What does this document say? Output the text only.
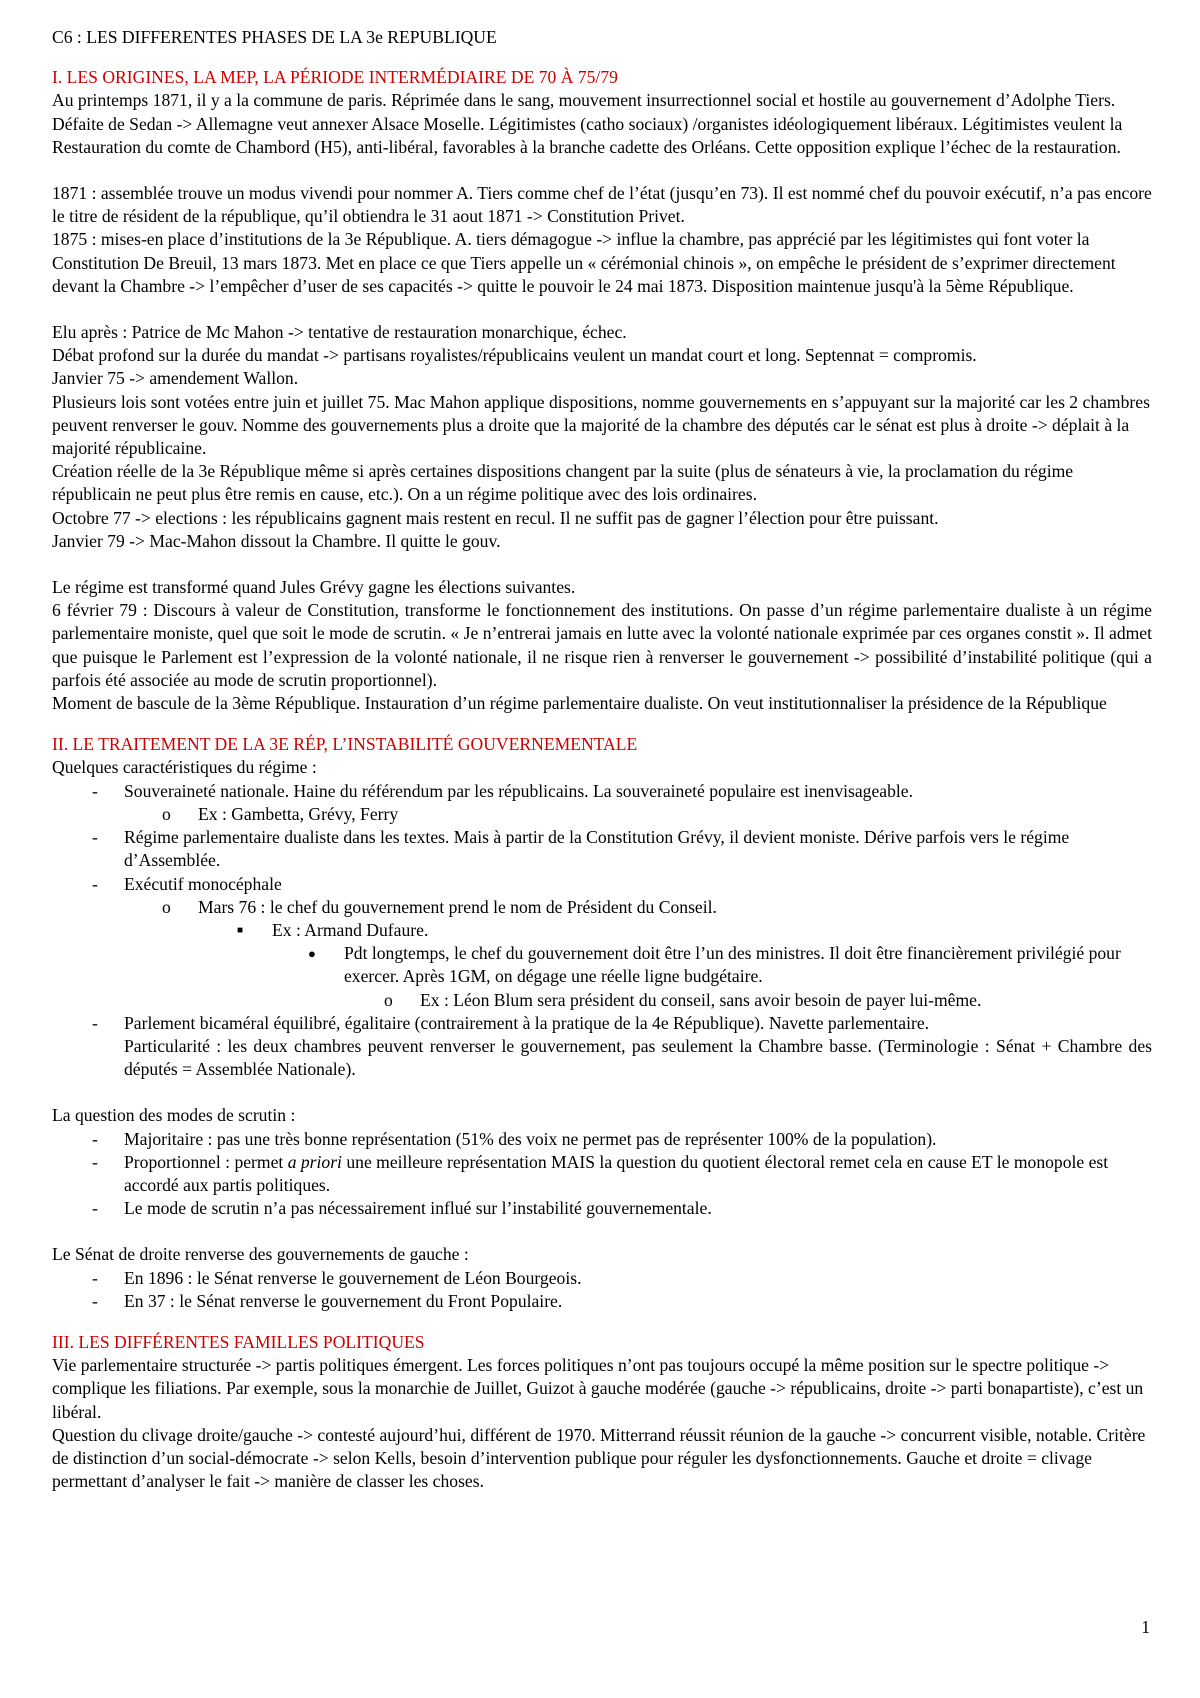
C6 : LES DIFFERENTES PHASES DE LA 3e REPUBLIQUE

I. LES ORIGINES, LA MEP, LA PÉRIODE INTERMÉDIAIRE DE 70 À 75/79

Au printemps 1871, il y a la commune de paris. Réprimée dans le sang, mouvement insurrectionnel social et hostile au gouvernement d’Adolphe Tiers. Défaite de Sedan -> Allemagne veut annexer Alsace Moselle. Légitimistes (catho sociaux) /organistes idéologiquement libéraux. Légitimistes veulent la Restauration du comte de Chambord (H5), anti-libéral, favorables à la branche cadette des Orléans. Cette opposition explique l’échec de la restauration.

1871 : assemblée trouve un modus vivendi pour nommer A. Tiers comme chef de l’état (jusqu’en 73). Il est nommé chef du pouvoir exécutif, n’a pas encore le titre de résident de la république, qu’il obtiendra le 31 aout 1871 -> Constitution Privet.

1875 : mises-en place d’institutions de la 3e République. A. tiers démagogue -> influe la chambre, pas apprécié par les légitimistes qui font voter la Constitution De Breuil, 13 mars 1873. Met en place ce que Tiers appelle un « cérémonial chinois », on empêche le président de s’exprimer directement devant la Chambre -> l’empêcher d’user de ses capacités -> quitte le pouvoir le 24 mai 1873. Disposition maintenue jusqu'à la 5ème République.

Elu après : Patrice de Mc Mahon -> tentative de restauration monarchique, échec.

Débat profond sur la durée du mandat -> partisans royalistes/républicains veulent un mandat court et long. Septennat = compromis.

Janvier 75 -> amendement Wallon.

Plusieurs lois sont votées entre juin et juillet 75. Mac Mahon applique dispositions, nomme gouvernements en s’appuyant sur la majorité car les 2 chambres peuvent renverser le gouv. Nomme des gouvernements plus a droite que la majorité de la chambre des députés car le sénat est plus à droite -> déplait à la majorité républicaine.

Création réelle de la 3e République même si après certaines dispositions changent par la suite (plus de sénateurs à vie, la proclamation du régime républicain ne peut plus être remis en cause, etc.). On a un régime politique avec des lois ordinaires.

Octobre 77 -> elections : les républicains gagnent mais restent en recul. Il ne suffit pas de gagner l’élection pour être puissant.

Janvier 79 -> Mac-Mahon dissout la Chambre. Il quitte le gouv.

Le régime est transformé quand Jules Grévy gagne les élections suivantes.

6 février 79 : Discours à valeur de Constitution, transforme le fonctionnement des institutions. On passe d’un régime parlementaire dualiste à un régime parlementaire moniste, quel que soit le mode de scrutin. « Je n’entrerai jamais en lutte avec la volonté nationale exprimée par ces organes constit ». Il admet que puisque le Parlement est l’expression de la volonté nationale, il ne risque rien à renverser le gouvernement -> possibilité d’instabilité politique (qui a parfois été associée au mode de scrutin proportionnel).

Moment de bascule de la 3ème République. Instauration d’un régime parlementaire dualiste. On veut institutionnaliser la présidence de la République

II. LE TRAITEMENT DE LA 3E RÉP, L’INSTABILITÉ GOUVERNEMENTALE

Quelques caractéristiques du régime :

- Souveraineté nationale. Haine du référendum par les républicains. La souveraineté populaire est inenvisageable.
o Ex : Gambetta, Grévy, Ferry
- Régime parlementaire dualiste dans les textes. Mais à partir de la Constitution Grévy, il devient moniste. Dérive parfois vers le régime d’Assemblée.
- Exécutif monocéphale
o Mars 76 : le chef du gouvernement prend le nom de Président du Conseil.
■ Ex : Armand Dufaure.
● Pdt longtemps, le chef du gouvernement doit être l’un des ministres. Il doit être financièrement privilégié pour exercer. Après 1GM, on dégage une réelle ligne budgétaire.
o Ex : Léon Blum sera président du conseil, sans avoir besoin de payer lui-même.
- Parlement bicaméral équilibré, égalitaire (contrairement à la pratique de la 4e République). Navette parlementaire.

Particularité : les deux chambres peuvent renverser le gouvernement, pas seulement la Chambre basse. (Terminologie : Sénat + Chambre des députés = Assemblée Nationale).

La question des modes de scrutin :

- Majoritaire : pas une très bonne représentation (51% des voix ne permet pas de représenter 100% de la population).
- Proportionnel : permet a priori une meilleure représentation MAIS la question du quotient électoral remet cela en cause ET le monopole est accordé aux partis politiques.
- Le mode de scrutin n’a pas nécessairement influé sur l’instabilité gouvernementale.

Le Sénat de droite renverse des gouvernements de gauche :

- En 1896 : le Sénat renverse le gouvernement de Léon Bourgeois.
- En 37 : le Sénat renverse le gouvernement du Front Populaire.
III. LES DIFFÉRENTES FAMILLES POLITIQUES

Vie parlementaire structurée -> partis politiques émergent. Les forces politiques n’ont pas toujours occupé la même position sur le spectre politique -> complique les filiations. Par exemple, sous la monarchie de Juillet, Guizot à gauche modérée (gauche -> républicains, droite -> parti bonapartiste), c’est un libéral.

Question du clivage droite/gauche -> contesté aujourd’hui, différent de 1970. Mitterrand réussit réunion de la gauche -> concurrent visible, notable. Critère de distinction d’un social-démocrate -> selon Kells, besoin d’intervention publique pour réguler les dysfonctionnements. Gauche et droite = clivage permettant d’analyser le fait -> manière de classer les choses.

1
